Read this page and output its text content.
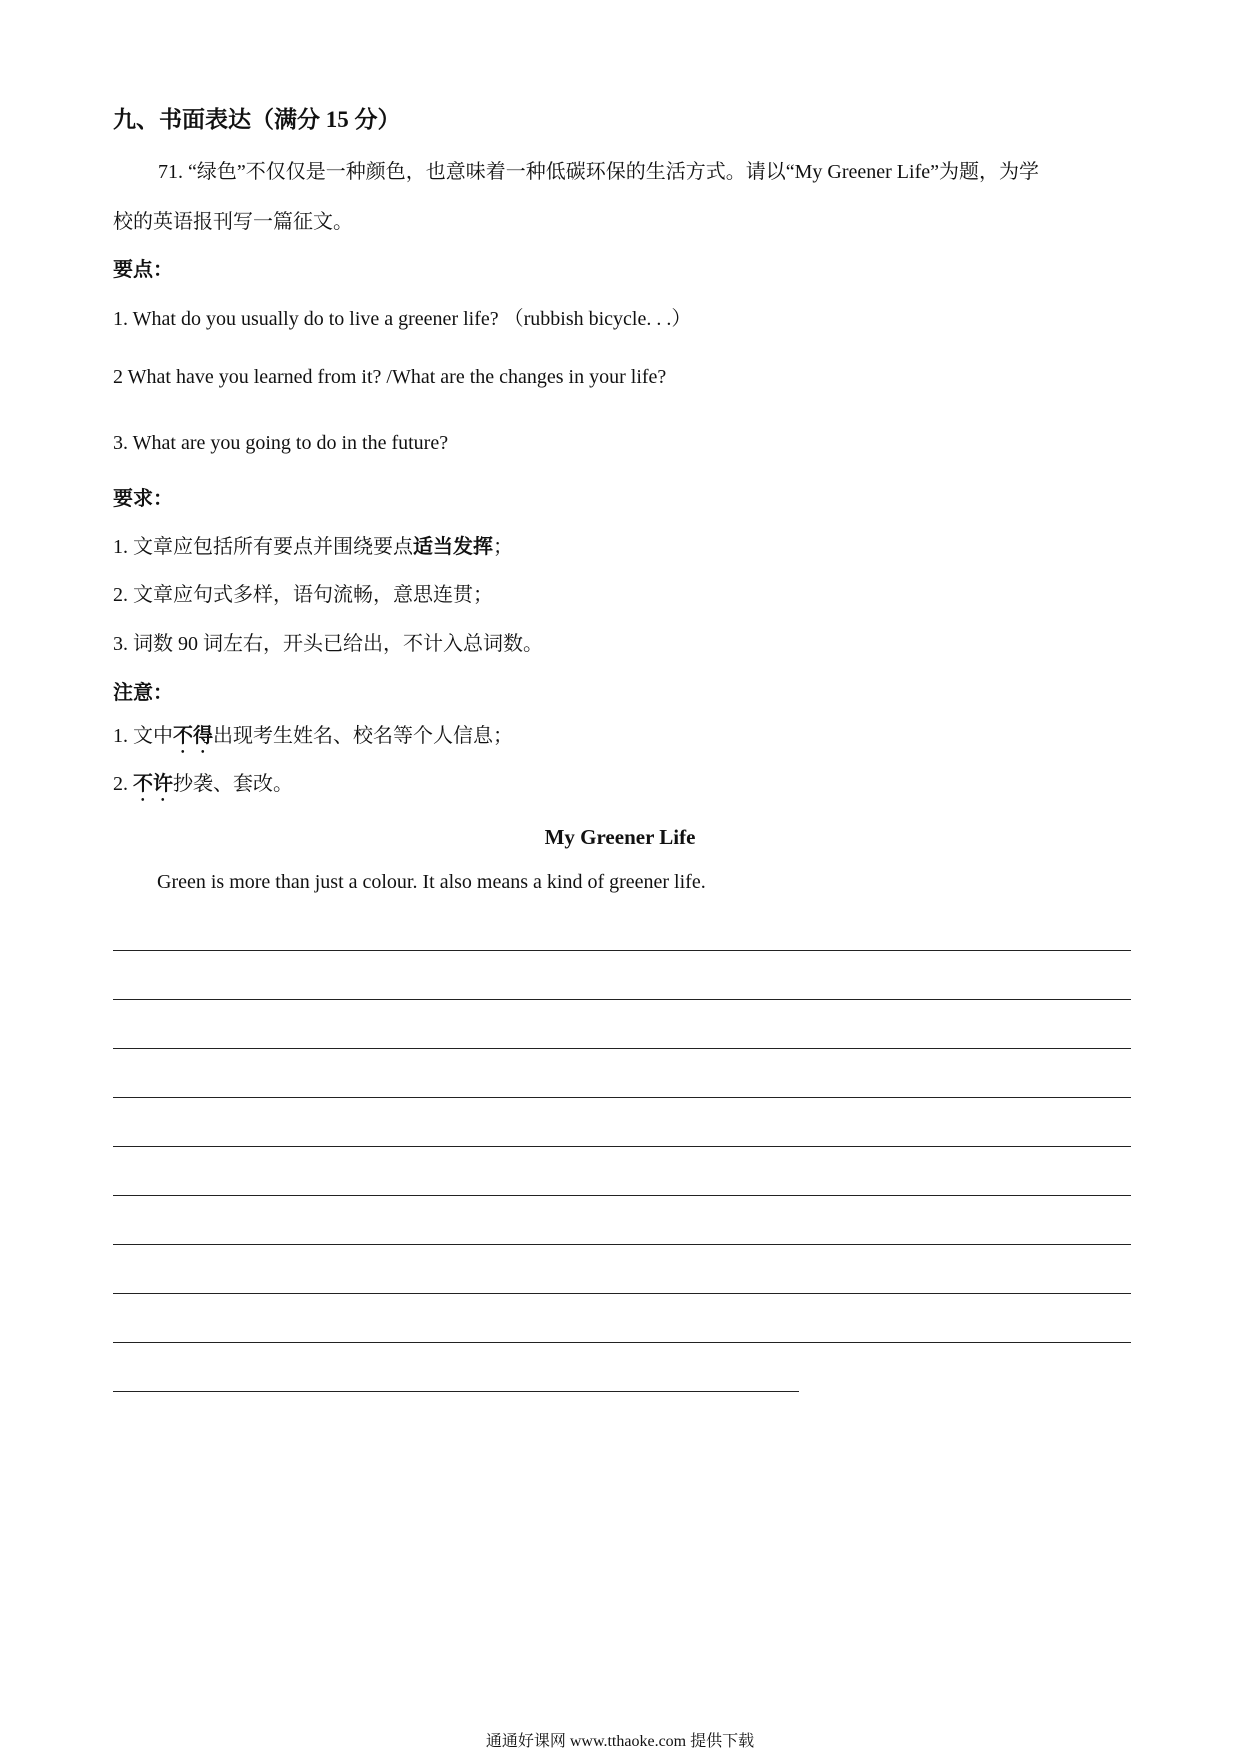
九、书面表达（满分 15 分）
71. “绿色”不仅仅是一种颜色，也意味着一种低碳环保的生活方式。请以“My Greener Life”为题，为学
校的英语报刊写一篇征文。
要点：
1. What do you usually do to live a greener life? （rubbish bicycle. . .）
2 What have you learned from it? /What are the changes in your life?
3. What are you going to do in the future?
要求：
1. 文章应包括所有要点并围绕要点适当发挥；
2. 文章应句式多样，语句流畅，意思连贯；
3. 词数 90 词左右，开头已给出，不计入总词数。
注意：
1. 文中不得出现考生姓名、校名等个人信息；
2. 不许抄袭、套改。
My Greener Life
Green is more than just a colour. It also means a kind of greener life.
通通好课网 www.tthaoke.com 提供下载
